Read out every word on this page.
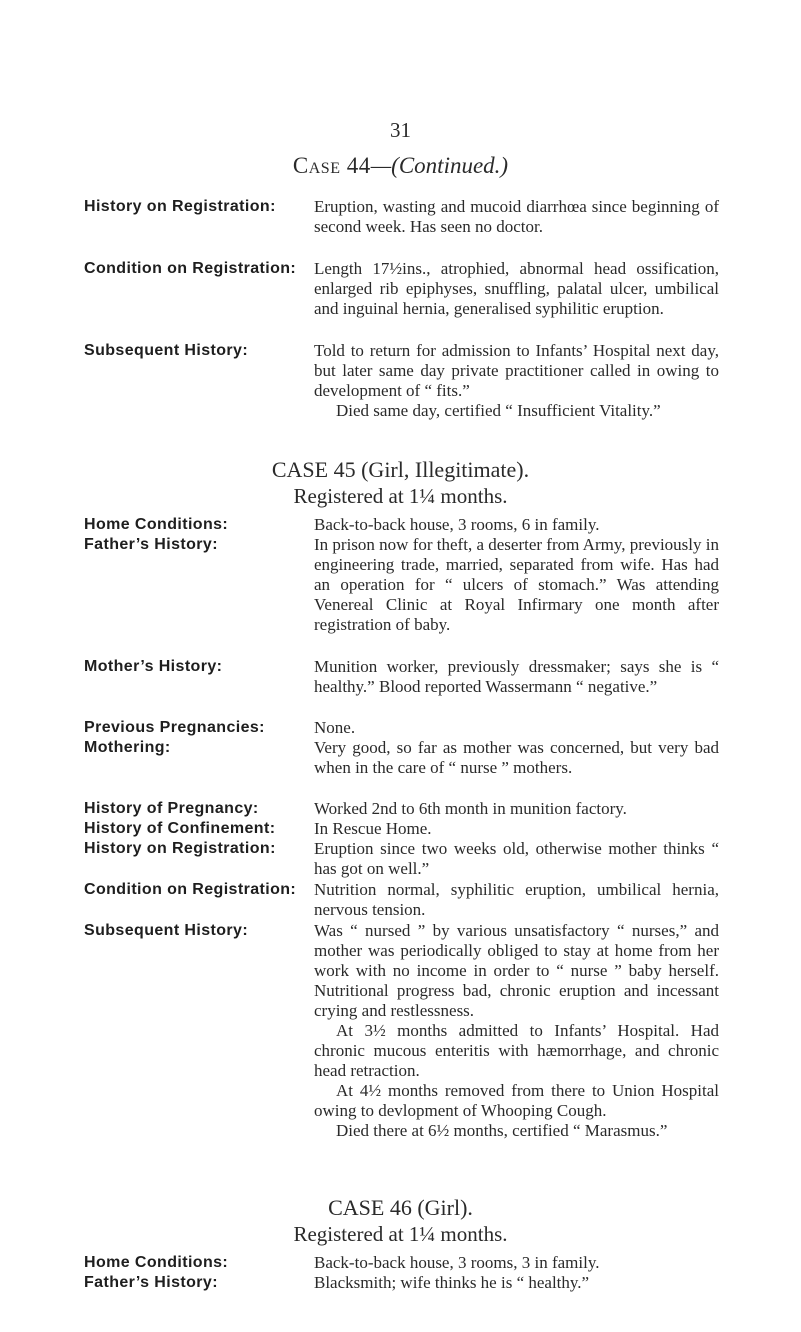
31
Case 44—(Continued.)
History on Registration:	Eruption, wasting and mucoid diarrhœa since beginning of second week. Has seen no doctor.
Condition on Registration:	Length 17½ins., atrophied, abnormal head ossification, enlarged rib epiphyses, snuffling, palatal ulcer, umbilical and inguinal hernia, generalised syphilitic eruption.
Subsequent History:	Told to return for admission to Infants’ Hospital next day, but later same day private practitioner called in owing to development of “ fits.”

Died same day, certified “ Insufficient Vitality.”

CASE 45 (Girl, Illegitimate).
Registered at 1¼ months.
Home Conditions:	Back-to-back house, 3 rooms, 6 in family.
Father’s History:	In prison now for theft, a deserter from Army, previously in engineering trade, married, separated from wife. Has had an operation for “ ulcers of stomach.” Was attending Venereal Clinic at Royal Infirmary one month after registration of baby.
Mother’s History:	Munition worker, previously dressmaker; says she is “ healthy.” Blood reported Wassermann “ negative.”
Previous Pregnancies:	None.
Mothering:	Very good, so far as mother was concerned, but very bad when in the care of “ nurse ” mothers.
History of Pregnancy:	Worked 2nd to 6th month in munition factory.
History of Confinement:	In Rescue Home.
History on Registration:	Eruption since two weeks old, otherwise mother thinks “ has got on well.”
Condition on Registration:	Nutrition normal, syphilitic eruption, umbilical hernia, nervous tension.
Subsequent History:	Was “ nursed ” by various unsatisfactory “ nurses,” and mother was periodically obliged to stay at home from her work with no income in order to “ nurse ” baby herself. Nutritional progress bad, chronic eruption and incessant crying and restlessness.

At 3½ months admitted to Infants’ Hospital. Had chronic mucous enteritis with hæmorrhage, and chronic head retraction.

At 4½ months removed from there to Union Hospital owing to devlopment of Whooping Cough.

Died there at 6½ months, certified “ Marasmus.”

CASE 46 (Girl).
Registered at 1¼ months.
Home Conditions:	Back-to-back house, 3 rooms, 3 in family.
Father’s History:	Blacksmith; wife thinks he is “ healthy.”
